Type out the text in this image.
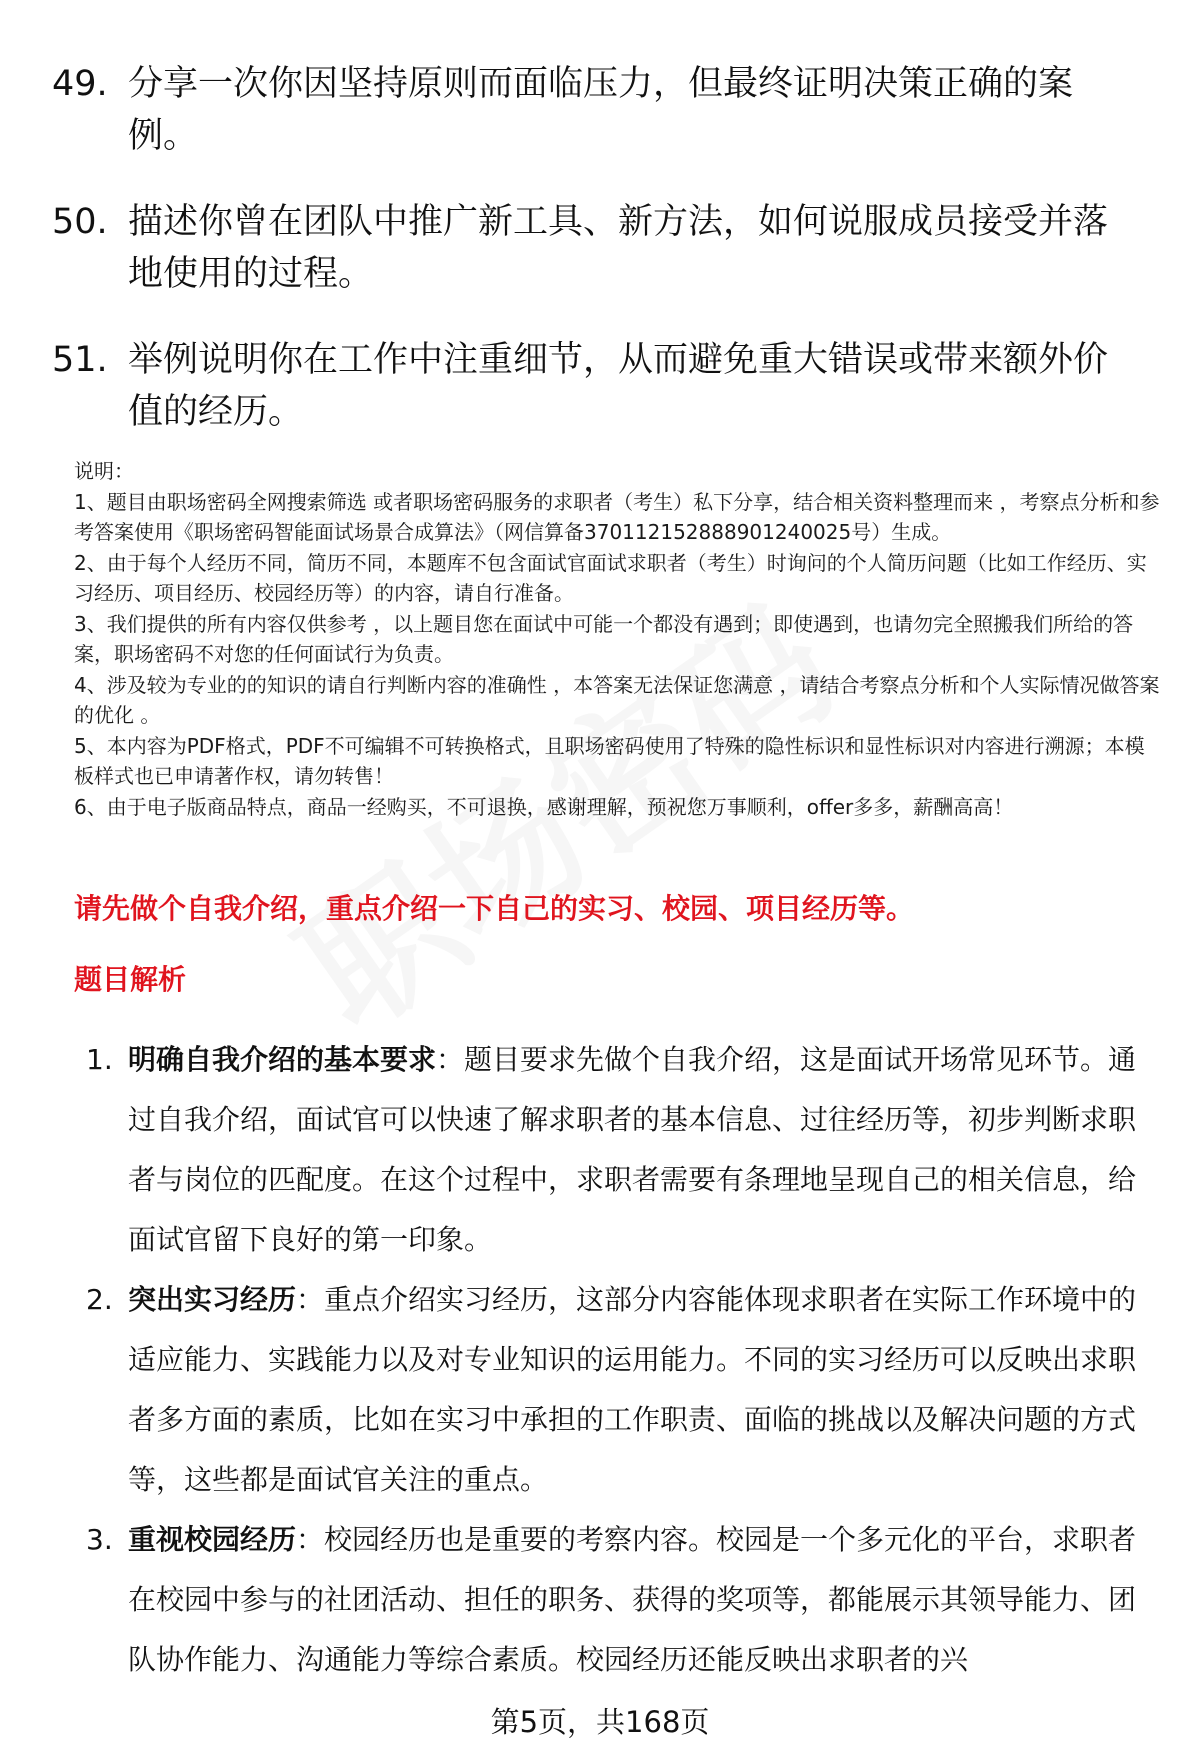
49. 分享一次你因坚持原则而面临压力，但最终证明决策正确的案例。
50. 描述你曾在团队中推广新工具、新方法，如何说服成员接受并落地使用的过程。
51. 举例说明你在工作中注重细节，从而避免重大错误或带来额外价值的经历。

说明：

1、题目由职场密码全网搜索筛选 或者职场密码服务的求职者（考生）私下分享，结合相关资料整理而来 ，考察点分析和参考答案使用《职场密码智能面试场景合成算法》（网信算备370112152888901240025号）生成。

2、由于每个人经历不同，简历不同，本题库不包含面试官面试求职者（考生）时询问的个人简历问题（比如工作经历、实习经历、项目经历、校园经历等）的内容，请自行准备。

3、我们提供的所有内容仅供参考 ，以上题目您在面试中可能一个都没有遇到；即使遇到，也请勿完全照搬我们所给的答案，职场密码不对您的任何面试行为负责。

4、涉及较为专业的的知识的请自行判断内容的准确性 ，本答案无法保证您满意 ，请结合考察点分析和个人实际情况做答案的优化 。

5、本内容为PDF格式，PDF不可编辑不可转换格式，且职场密码使用了特殊的隐性标识和显性标识对内容进行溯源；本模板样式也已申请著作权，请勿转售！

6、由于电子版商品特点，商品一经购买，不可退换，感谢理解，预祝您万事顺利，offer多多，薪酬高高！

请先做个自我介绍，重点介绍一下自己的实习、校园、项目经历等。
题目解析
1. 明确自我介绍的基本要求：题目要求先做个自我介绍，这是面试开场常见环节。通过自我介绍，面试官可以快速了解求职者的基本信息、过往经历等，初步判断求职者与岗位的匹配度。在这个过程中，求职者需要有条理地呈现自己的相关信息，给面试官留下良好的第一印象。
2. 突出实习经历：重点介绍实习经历，这部分内容能体现求职者在实际工作环境中的适应能力、实践能力以及对专业知识的运用能力。不同的实习经历可以反映出求职者多方面的素质，比如在实习中承担的工作职责、面临的挑战以及解决问题的方式等，这些都是面试官关注的重点。
3. 重视校园经历：校园经历也是重要的考察内容。校园是一个多元化的平台，求职者在校园中参与的社团活动、担任的职务、获得的奖项等，都能展示其领导能力、团队协作能力、沟通能力等综合素质。校园经历还能反映出求职者的兴
第5页，共168页
